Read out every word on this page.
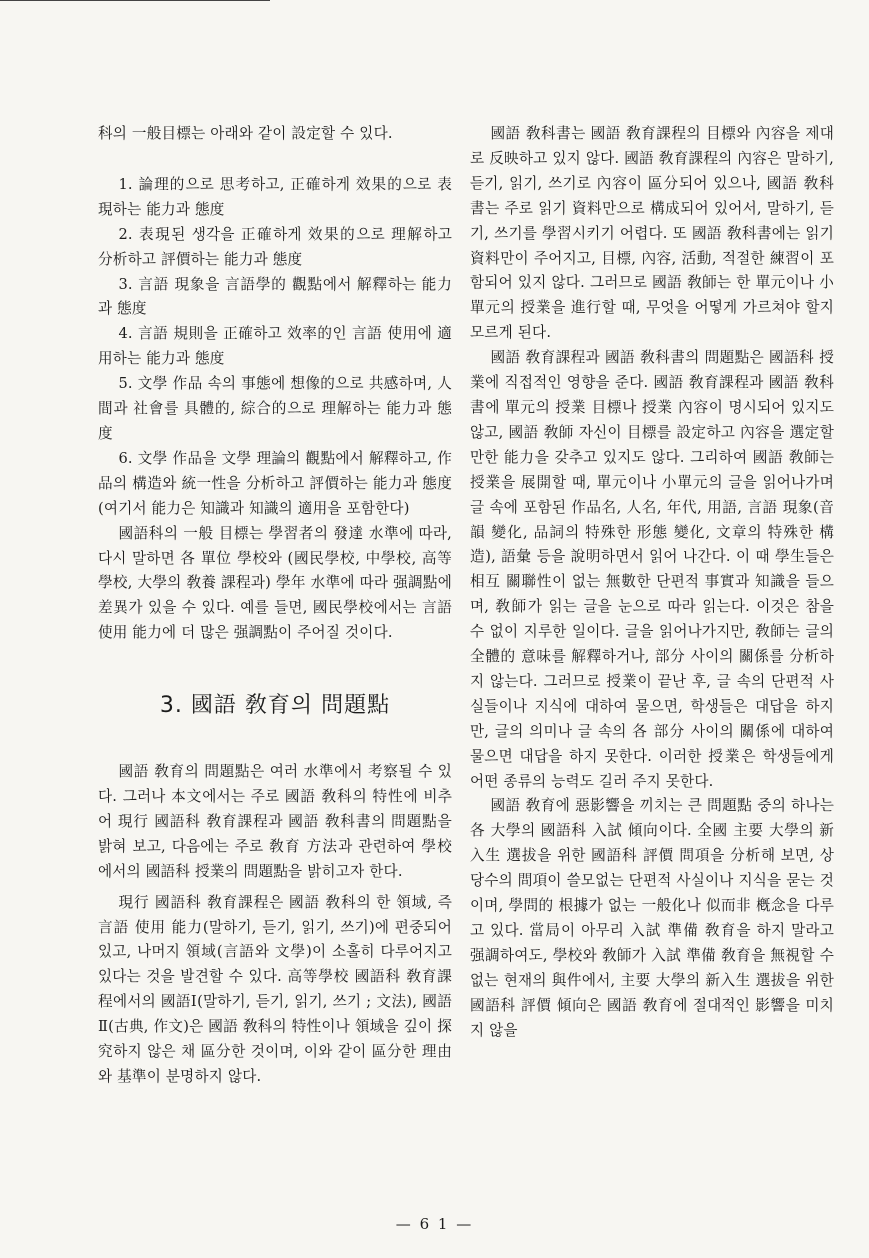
科의 一般目標는 아래와 같이 設定할 수 있다.

1. 論理的으로 思考하고, 正確하게 效果的으로 表現하는 能力과 態度

2. 表現된 생각을 正確하게 效果的으로 理解하고 分析하고 評價하는 能力과 態度

3. 言語 現象을 言語學的 觀點에서 解釋하는 能力과 態度

4. 言語 規則을 正確하고 效率的인 言語 使用에 適用하는 能力과 態度

5. 文學 作品 속의 事態에 想像的으로 共感하며, 人間과 社會를 具體的, 綜合的으로 理解하는 能力과 態度

6. 文學 作品을 文學 理論의 觀點에서 解釋하고, 作品의 構造와 統一性을 分析하고 評價하는 能力과 態度(여기서 能力은 知識과 知識의 適用을 포함한다)

國語科의 一般 目標는 學習者의 發達 水準에 따라, 다시 말하면 各 單位 學校와 (國民學校, 中學校, 高等學校, 大學의 敎養 課程과) 學年 水準에 따라 强調點에 差異가 있을 수 있다. 예를 들면, 國民學校에서는 言語 使用 能力에 더 많은 强調點이 주어질 것이다.

3. 國語 敎育의 問題點

國語 敎育의 問題點은 여러 水準에서 考察될 수 있다. 그러나 本文에서는 주로 國語 敎科의 特性에 비추어 現行 國語科 敎育課程과 國語 敎科書의 問題點을 밝혀 보고, 다음에는 주로 敎育 方法과 관련하여 學校에서의 國語科 授業의 問題點을 밝히고자 한다.

現行 國語科 敎育課程은 國語 敎科의 한 領域, 즉 言語 使用 能力(말하기, 듣기, 읽기, 쓰기)에 편중되어 있고, 나머지 領域(言語와 文學)이 소홀히 다루어지고 있다는 것을 발견할 수 있다. 高等學校 國語科 敎育課程에서의 國語Ⅰ(말하기, 듣기, 읽기, 쓰기 ; 文法), 國語Ⅱ(古典, 作文)은 國語 敎科의 特性이나 領域을 깊이 探究하지 않은 채 區分한 것이며, 이와 같이 區分한 理由와 基準이 분명하지 않다.

國語 敎科書는 國語 敎育課程의 目標와 內容을 제대로 反映하고 있지 않다. 國語 敎育課程의 內容은 말하기, 듣기, 읽기, 쓰기로 內容이 區分되어 있으나, 國語 敎科書는 주로 읽기 資料만으로 構成되어 있어서, 말하기, 듣기, 쓰기를 學習시키기 어렵다. 또 國語 敎科書에는 읽기 資料만이 주어지고, 目標, 內容, 活動, 적절한 練習이 포함되어 있지 않다. 그러므로 國語 敎師는 한 單元이나 小單元의 授業을 進行할 때, 무엇을 어떻게 가르쳐야 할지 모르게 된다.

國語 敎育課程과 國語 敎科書의 問題點은 國語科 授業에 직접적인 영향을 준다. 國語 敎育課程과 國語 敎科書에 單元의 授業 目標나 授業 內容이 명시되어 있지도 않고, 國語 敎師 자신이 目標를 設定하고 內容을 選定할 만한 能力을 갖추고 있지도 않다. 그리하여 國語 敎師는 授業을 展開할 때, 單元이나 小單元의 글을 읽어나가며 글 속에 포함된 作品名, 人名, 年代, 用語, 言語 現象(音韻 變化, 品詞의 特殊한 形態 變化, 文章의 特殊한 構造), 語彙 등을 說明하면서 읽어 나간다. 이 때 學生들은 相互 關聯性이 없는 無數한 단편적 事實과 知識을 들으며, 敎師가 읽는 글을 눈으로 따라 읽는다. 이것은 참을 수 없이 지루한 일이다. 글을 읽어나가지만, 敎師는 글의 全體的 意味를 解釋하거나, 部分 사이의 關係를 分析하지 않는다. 그러므로 授業이 끝난 후, 글 속의 단편적 사실들이나 지식에 대하여 물으면, 학생들은 대답을 하지만, 글의 의미나 글 속의 各 部分 사이의 關係에 대하여 물으면 대답을 하지 못한다. 이러한 授業은 학생들에게 어떤 종류의 능력도 길러 주지 못한다.

國語 敎育에 惡影響을 끼치는 큰 問題點 중의 하나는 各 大學의 國語科 入試 傾向이다. 全國 主要 大學의 新入生 選拔을 위한 國語科 評價 問項을 分析해 보면, 상당수의 問項이 쓸모없는 단편적 사실이나 지식을 묻는 것이며, 學問的 根據가 없는 一般化나 似而非 槪念을 다루고 있다. 當局이 아무리 入試 準備 敎育을 하지 말라고 强調하여도, 學校와 敎師가 入試 準備 敎育을 無視할 수 없는 현재의 與件에서, 主要 大學의 新入生 選拔을 위한 國語科 評價 傾向은 國語 敎育에 절대적인 影響을 미치지 않을

— 6 1 —
